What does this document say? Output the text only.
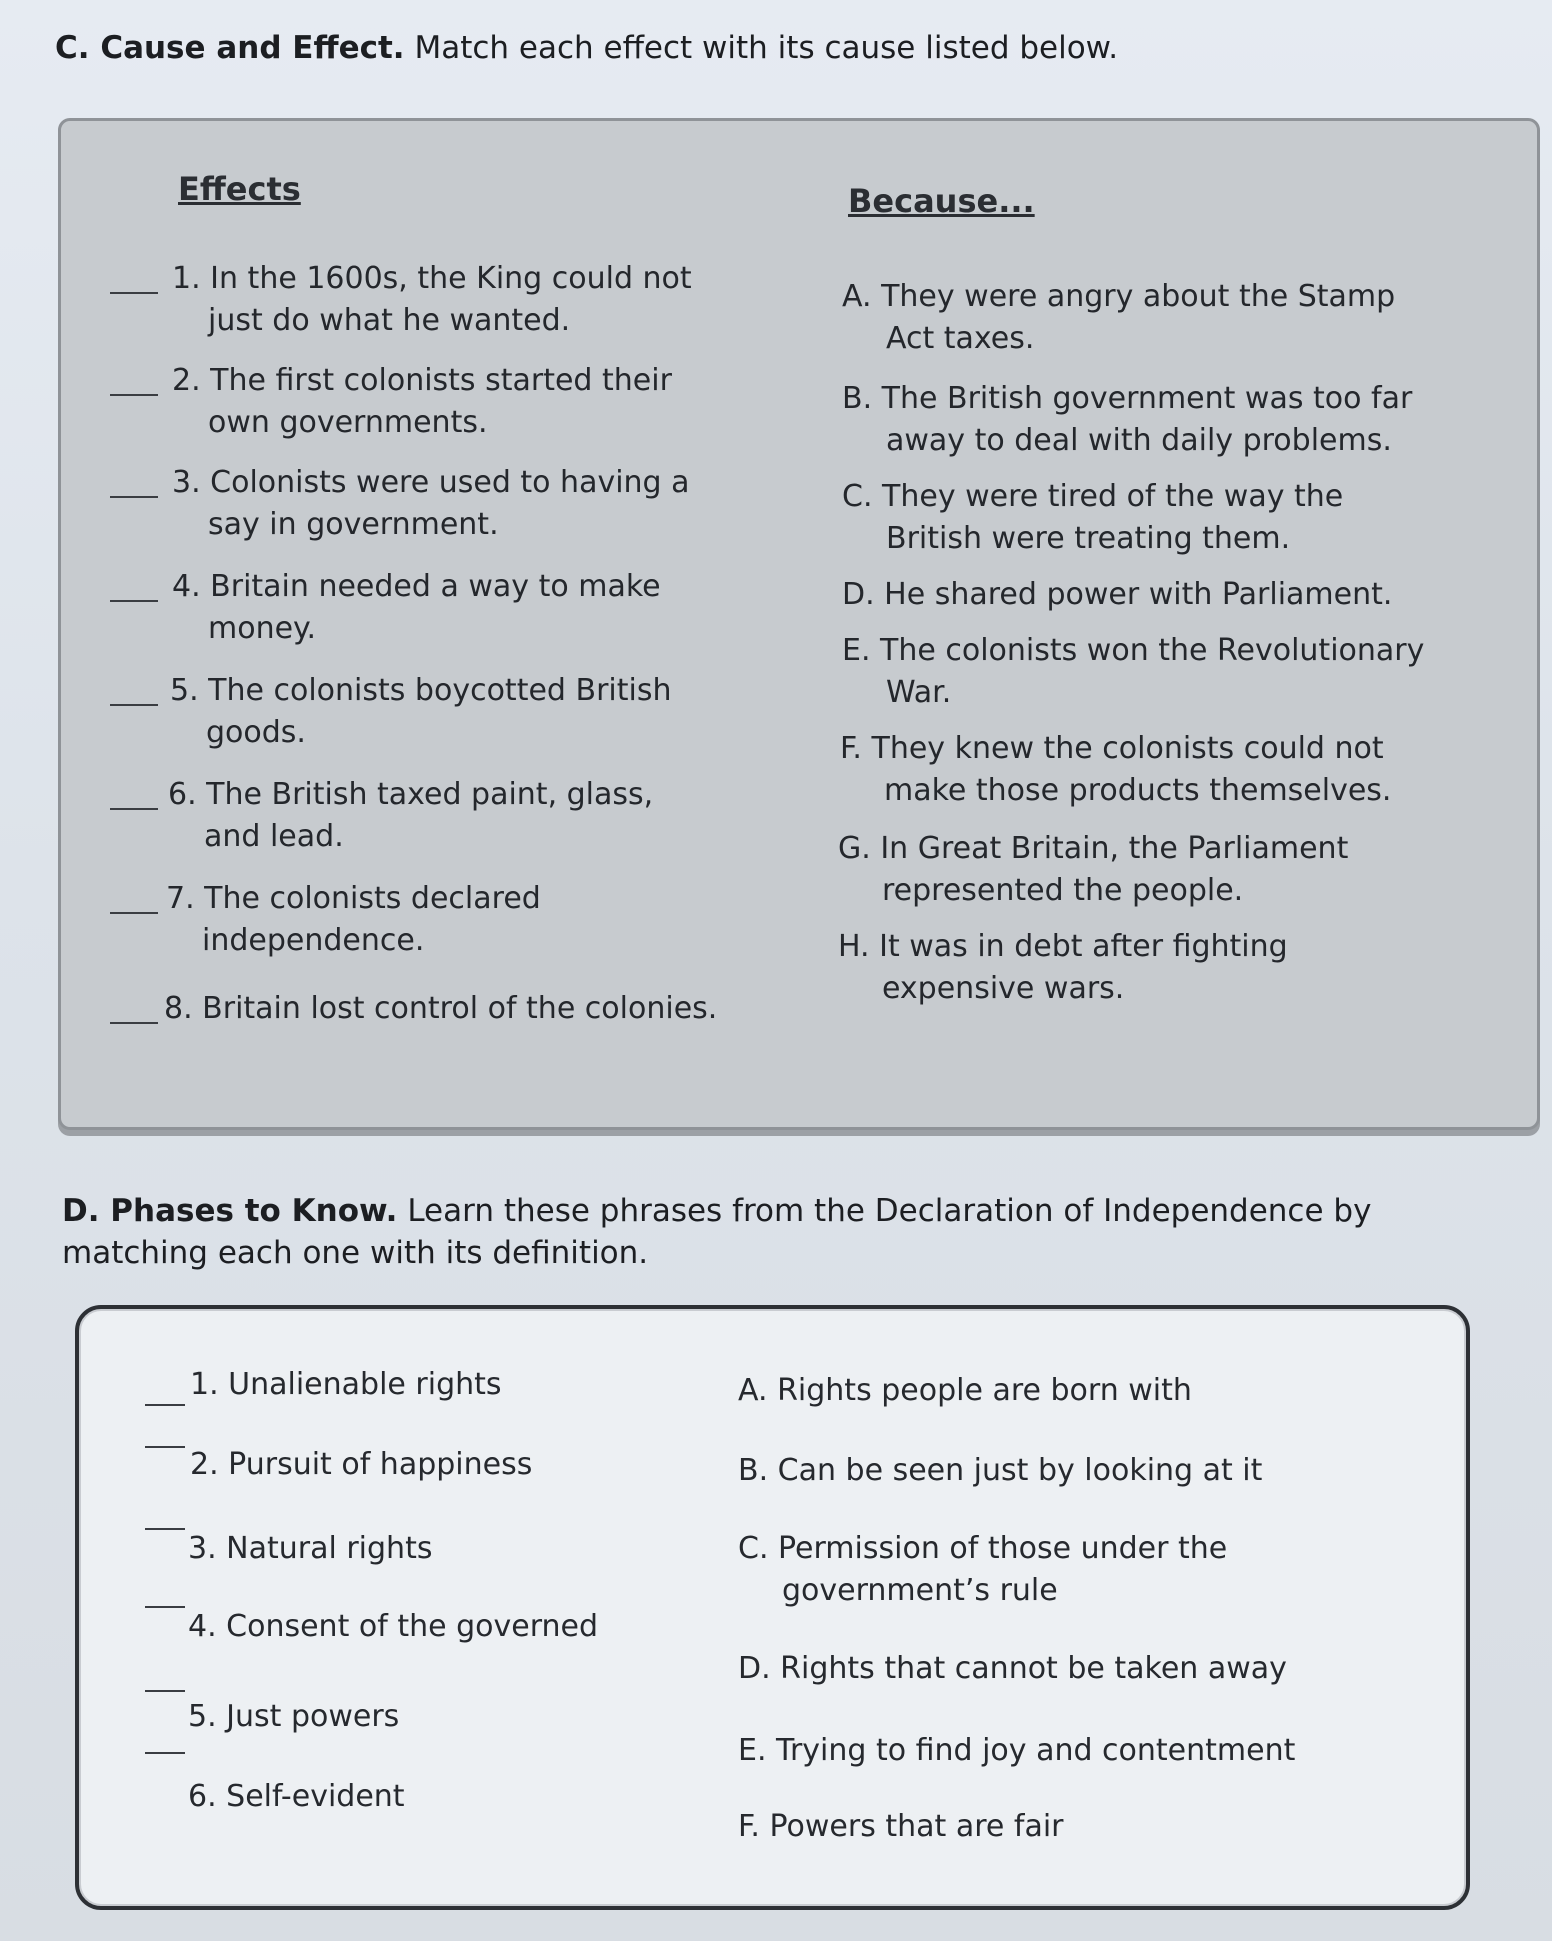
C. Cause and Effect. Match each effect with its cause listed below.
Effects	Because...
1. In the 1600s, the King could not
just do what he wanted.
2. The first colonists started their
own governments.
3. Colonists were used to having a
say in government.
4. Britain needed a way to make
money.
5. The colonists boycotted British
goods.
6. The British taxed paint, glass,
and lead.
7. The colonists declared
independence.
8. Britain lost control of the colonies.
A. They were angry about the Stamp
Act taxes.
B. The British government was too far
away to deal with daily problems.
C. They were tired of the way the
British were treating them.
D. He shared power with Parliament.
E. The colonists won the Revolutionary
War.
F. They knew the colonists could not
make those products themselves.
G. In Great Britain, the Parliament
represented the people.
H. It was in debt after fighting
expensive wars.
D. Phases to Know. Learn these phrases from the Declaration of Independence by matching each one with its definition.
1. Unalienable rights
2. Pursuit of happiness
3. Natural rights
4. Consent of the governed
5. Just powers
6. Self-evident
A. Rights people are born with
B. Can be seen just by looking at it
C. Permission of those under the
government’s rule
D. Rights that cannot be taken away
E. Trying to find joy and contentment
F. Powers that are fair
